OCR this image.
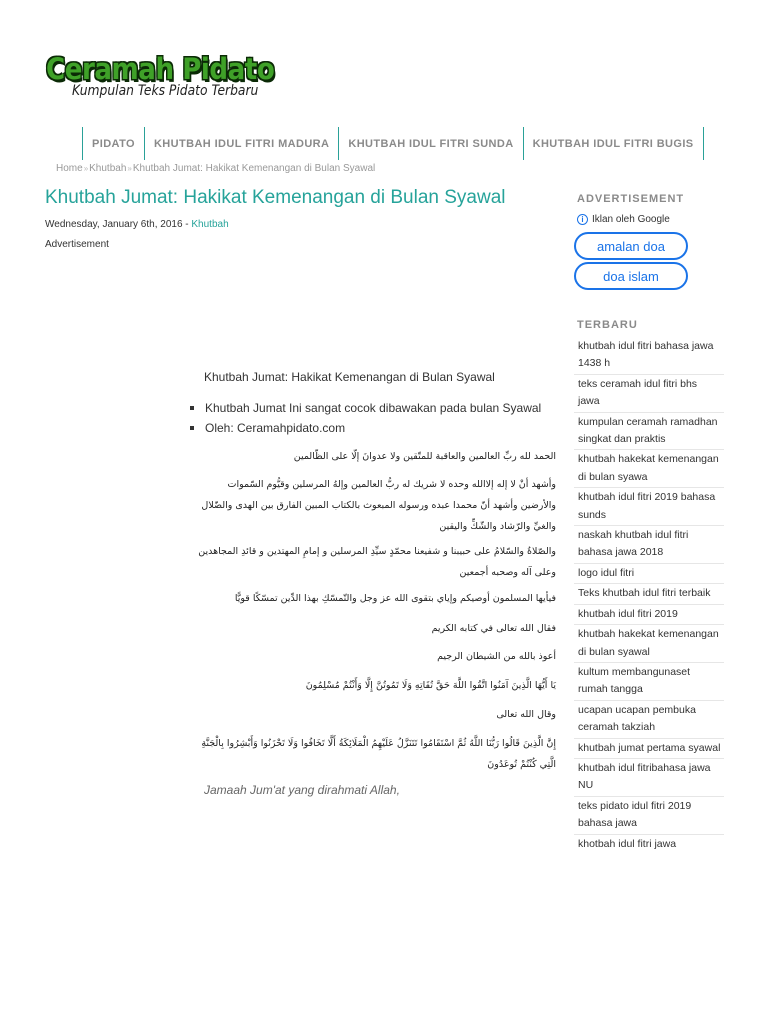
Ceramah Pidato
Kumpulan Teks Pidato Terbaru
PIDATO	KHUTBAH IDUL FITRI MADURA	KHUTBAH IDUL FITRI SUNDA	KHUTBAH IDUL FITRI BUGIS
Home»Khutbah»Khutbah Jumat: Hakikat Kemenangan di Bulan Syawal
Khutbah Jumat: Hakikat Kemenangan di Bulan Syawal
Wednesday, January 6th, 2016 - Khutbah
Advertisement
Khutbah Jumat: Hakikat Kemenangan di Bulan Syawal
Khutbah Jumat Ini sangat cocok dibawakan pada bulan Syawal
Oleh: Ceramahpidato.com

الحمد لله ربِّ العالمين والعاقبة للمتّقين ولا عدوانَ إلّا على الظّالمين

وأشهد أنْ لا إله إلاالله وحده لا شريك له ربُّ العالمين وإلهُ المرسلين وقيُّوم السّموات والأرضين وأشهد أنّ محمدا عبده ورسوله المبعوث بالكتاب المبين الفارق بين الهدى والضّلال والغيِّ والرّشاد والشّكِّ واليقين

والصّلاةُ والسّلامُ على حبيبنا و شفيعنا محمّدٍ سيِّدِ المرسلين و إمامِ المهتدين و قائدِ المجاهدين وعلى آله وصحبه أجمعين

فيأيها المسلمون أوصيكم وإياي بتقوى الله عز وجل والتّمسّكِ بهذا الدِّين تمسّكًا قويًّا

فقال الله تعالى في كتابه الكريم

أعوذ بالله من الشيطان الرجيم

يَا أَيُّهَا الَّذِينَ آمَنُوا اتَّقُوا اللَّهَ حَقَّ تُقَاتِهِ وَلَا تَمُوتُنَّ إِلَّا وَأَنْتُمْ مُسْلِمُونَ

وقال الله تعالى

إِنَّ الَّذِينَ قَالُوا رَبُّنَا اللَّهُ ثُمَّ اسْتَقَامُوا تَتَنَزَّلُ عَلَيْهِمُ الْمَلَائِكَةُ أَلَّا تَخَافُوا وَلَا تَحْزَنُوا وَأَبْشِرُوا بِالْجَنَّةِ الَّتِي كُنْتُمْ تُوعَدُونَ

Jamaah Jum'at yang dirahmati Allah,
ADVERTISEMENT
i Iklan oleh Google
amalan doa
doa islam
TERBARU
khutbah idul fitri bahasa jawa 1438 h
teks ceramah idul fitri bhs jawa
kumpulan ceramah ramadhan singkat dan praktis
khutbah hakekat kemenangan di bulan syawa
khutbah idul fitri 2019 bahasa sunds
naskah khutbah idul fitri bahasa jawa 2018
logo idul fitri
Teks khutbah idul fitri terbaik
khutbah idul fitri 2019
khutbah hakekat kemenangan di bulan syawal
kultum membangunaset rumah tangga
ucapan ucapan pembuka ceramah takziah
khutbah jumat pertama syawal
khutbah idul fitribahasa jawa NU
teks pidato idul fitri 2019 bahasa jawa
khotbah idul fitri jawa
